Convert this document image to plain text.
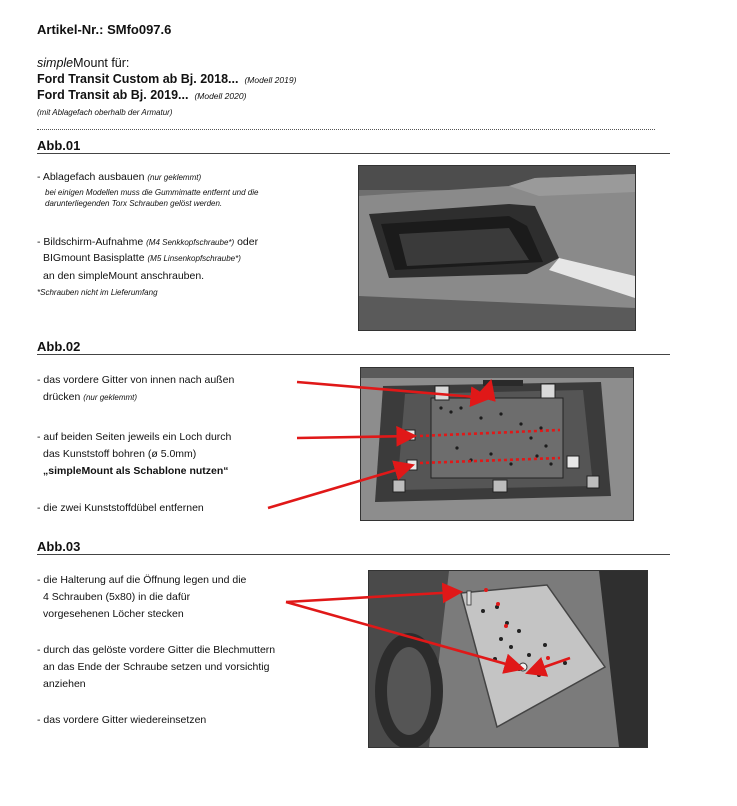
Artikel-Nr.: SMfo097.6
simpleMount für:
Ford Transit Custom ab Bj. 2018... (Modell 2019)
Ford Transit ab Bj. 2019... (Modell 2020)
(mit Ablagefach oberhalb der Armatur)
Abb.01
- Ablagefach ausbauen (nur geklemmt)
bei einigen Modellen muss die Gummimatte entfernt und die
darunterliegenden Torx Schrauben gelöst werden.
- Bildschirm-Aufnahme (M4 Senkkopfschraube*) oder
BIGmount Basisplatte (M5 Linsenkopfschraube*)
an den simpleMount anschrauben.
*Schrauben nicht im Lieferumfang
Abb.02
- das vordere Gitter von innen nach außen
drücken (nur geklemmt)
- auf beiden Seiten jeweils ein Loch durch
das Kunststoff bohren (ø 5.0mm)
„simpleMount als Schablone nutzen“
- die zwei Kunststoffdübel entfernen
Abb.03
- die Halterung auf die Öffnung legen und die
4 Schrauben (5x80) in die dafür
vorgesehenen Löcher stecken
- durch das gelöste vordere Gitter die Blechmuttern
an das Ende der Schraube setzen und vorsichtig
anziehen
- das vordere Gitter wiedereinsetzen
